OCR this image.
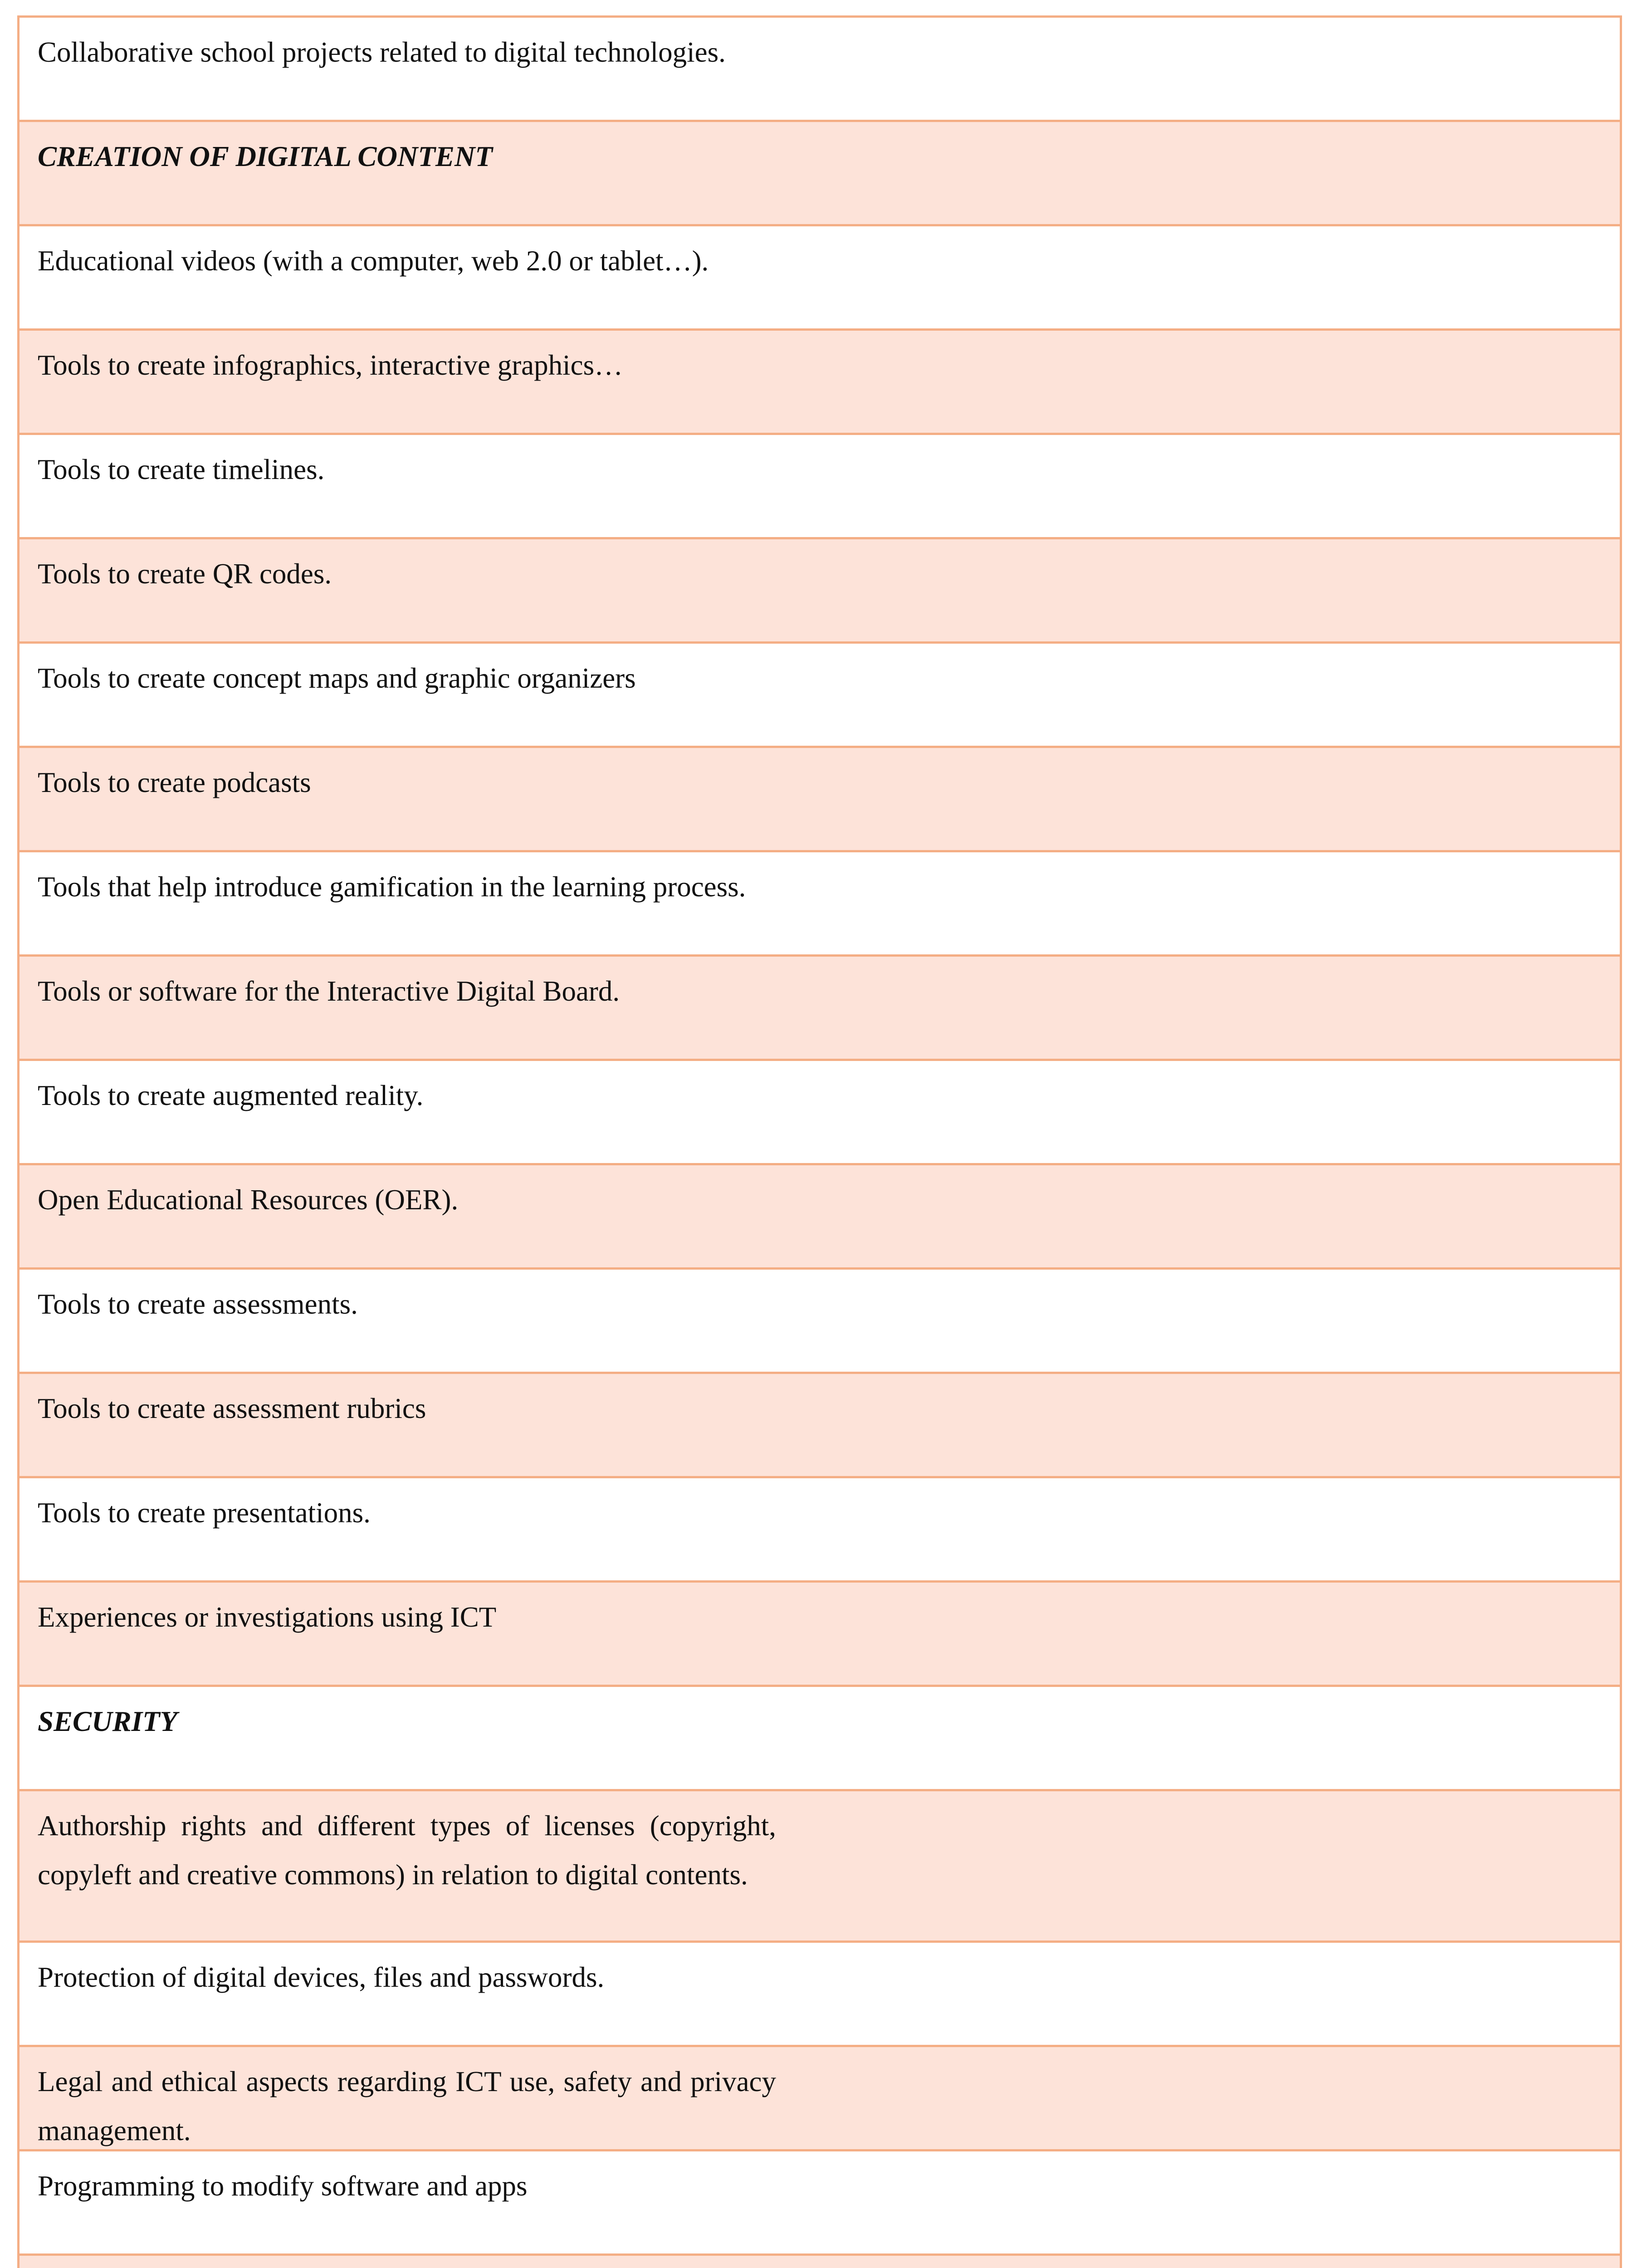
Collaborative school projects related to digital technologies.
CREATION OF DIGITAL CONTENT
Educational videos (with a computer, web 2.0 or tablet…).
Tools to create infographics, interactive graphics…
Tools to create timelines.
Tools to create QR codes.
Tools to create concept maps and graphic organizers
Tools to create podcasts
Tools that help introduce gamification in the learning process.
Tools or software for the Interactive Digital Board.
Tools to create augmented reality.
Open Educational Resources (OER).
Tools to create assessments.
Tools to create assessment rubrics
Tools to create presentations.
Experiences or investigations using ICT
SECURITY
Authorship rights and different types of licenses (copyright, copyleft and creative commons) in relation to digital contents.
Protection of digital devices, files and passwords.
Legal and ethical aspects regarding ICT use, safety and privacy management.
Programming to modify software and apps
